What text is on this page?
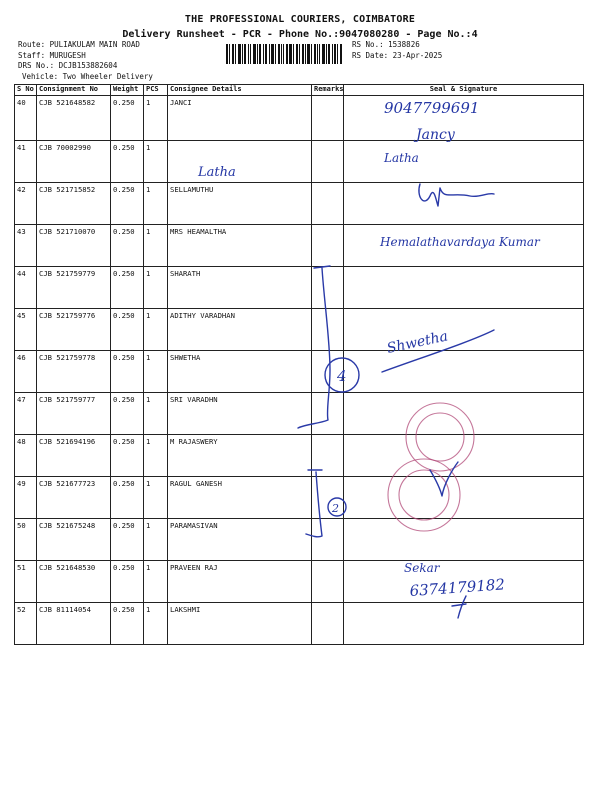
THE PROFESSIONAL COURIERS, COIMBATORE
Delivery Runsheet - PCR - Phone No.:9047080280 - Page No.:4
Route: PULIAKULAM MAIN ROAD
Staff: MURUGESH
DRS No.: DCJB153882604
RS No.: 1538826
RS Date: 23-Apr-2025
Vehicle: Two Wheeler Delivery
S No	Consignment No	Weight	PCS	Consignee Details	Remarks	Seal & Signature
40	CJB 521648582	0.250	1	JANCI		
41	CJB 70002990	0.250	1			
42	CJB 521715852	0.250	1	SELLAMUTHU		
43	CJB 521710070	0.250	1	MRS HEAMALTHA		
44	CJB 521759779	0.250	1	SHARATH		
45	CJB 521759776	0.250	1	ADITHY VARADHAN		
46	CJB 521759778	0.250	1	SHWETHA		
47	CJB 521759777	0.250	1	SRI VARADHN		
48	CJB 521694196	0.250	1	M RAJASWERY		
49	CJB 521677723	0.250	1	RAGUL GANESH		
50	CJB 521675248	0.250	1	PARAMASIVAN		
51	CJB 521648530	0.250	1	PRAVEEN RAJ		
52	CJB 81114054	0.250	1	LAKSHMI		
9047799691
Jancy
Latha
Latha
Hemalathavardaya Kumar
4
Shwetha
2
Sekar
6374179182
